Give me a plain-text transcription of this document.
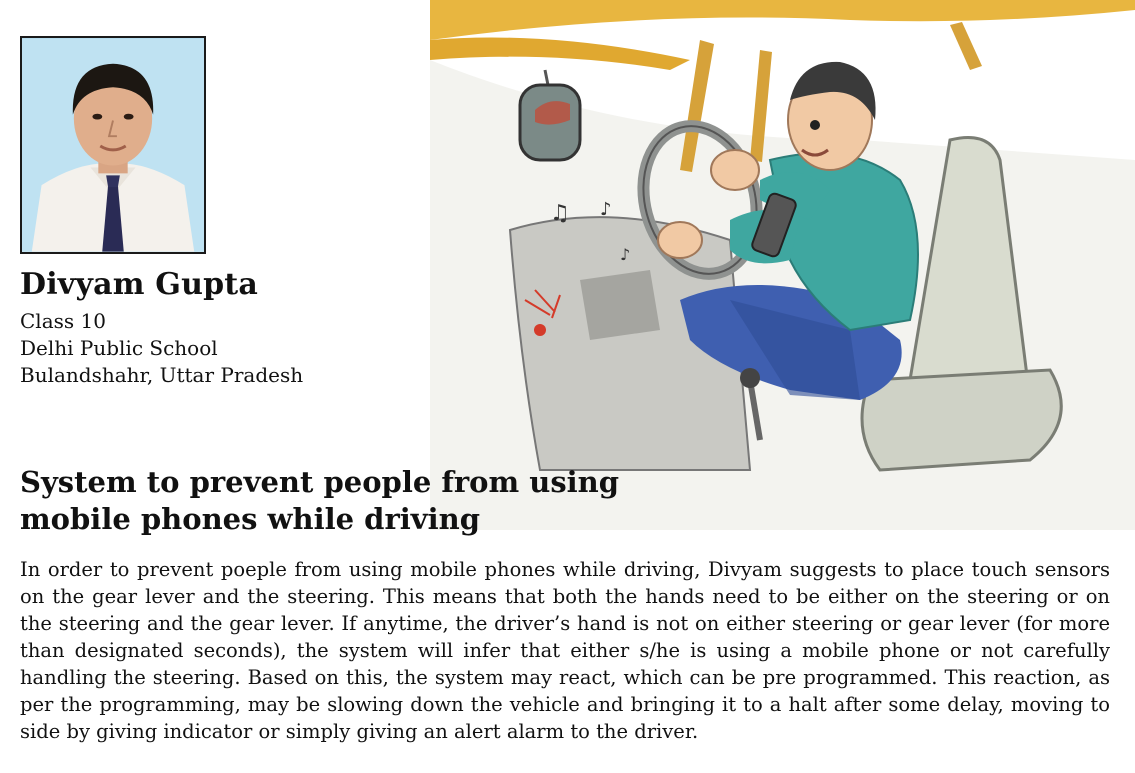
Divyam Gupta
Class 10
Delhi Public School
Bulandshahr, Uttar Pradesh
♫ ♪
♪
System to prevent people from using
mobile phones while driving
In order to prevent poeple from using mobile phones while driving, Divyam suggests to place touch sensors on the gear lever and the steering. This means that both the hands need to be either on the steering or on the steering and the gear lever. If anytime, the driver’s hand is not on either steering or gear lever (for more than designated seconds), the system will infer that either s/he is using a mobile phone or not carefully handling the steering. Based on this, the system may react, which can be pre programmed. This reaction, as per the programming, may be slowing down the vehicle and bringing it to a halt after some delay, moving to side by giving indicator or simply giving an alert alarm to the driver.
